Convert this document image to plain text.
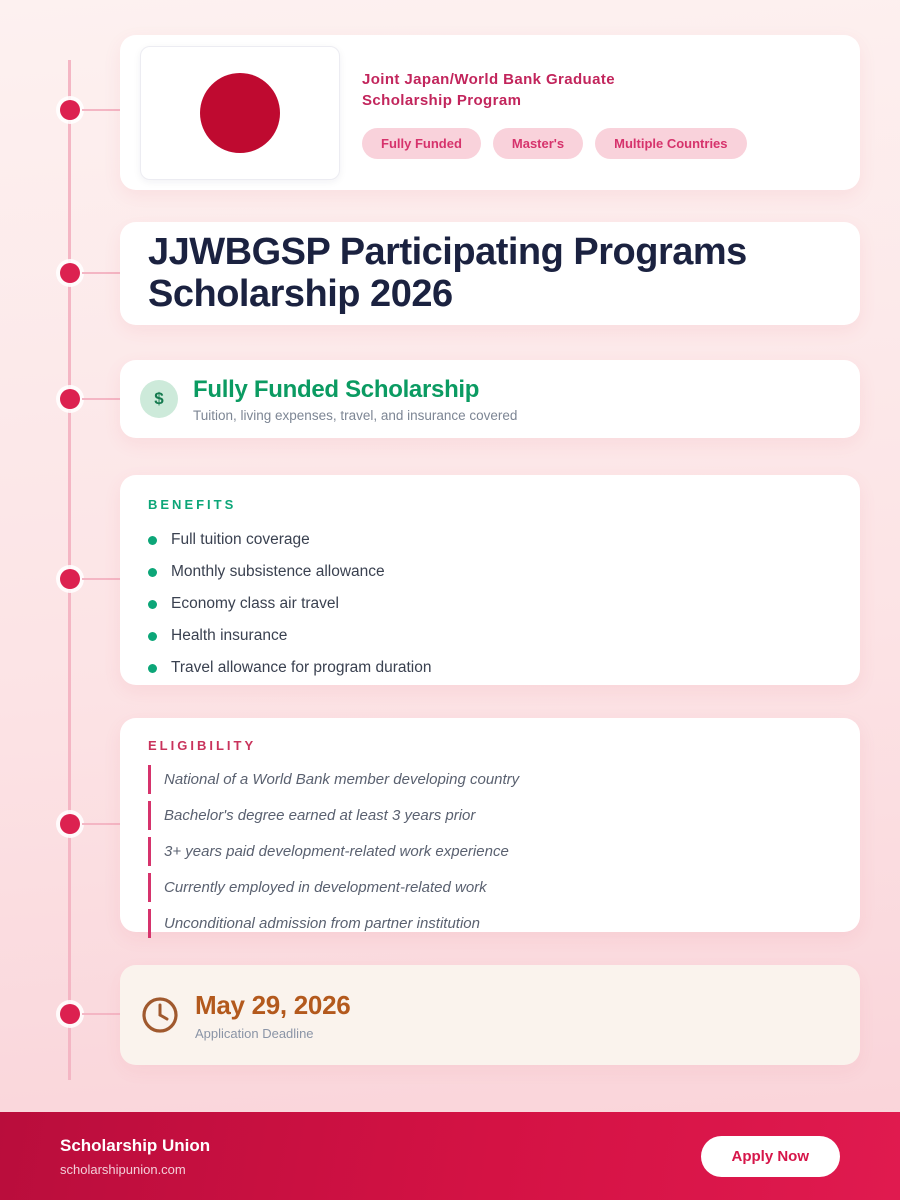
Joint Japan/World Bank Graduate Scholarship Program
Fully Funded	Master's	Multiple Countries
JJWBGSP Participating Programs Scholarship 2026
$	Fully Funded Scholarship
Tuition, living expenses, travel, and insurance covered
BENEFITS
Full tuition coverage
Monthly subsistence allowance
Economy class air travel
Health insurance
Travel allowance for program duration
ELIGIBILITY
National of a World Bank member developing country
Bachelor's degree earned at least 3 years prior
3+ years paid development-related work experience
Currently employed in development-related work
Unconditional admission from partner institution
May 29, 2026
Application Deadline
Scholarship Union
scholarshipunion.com
Apply Now
